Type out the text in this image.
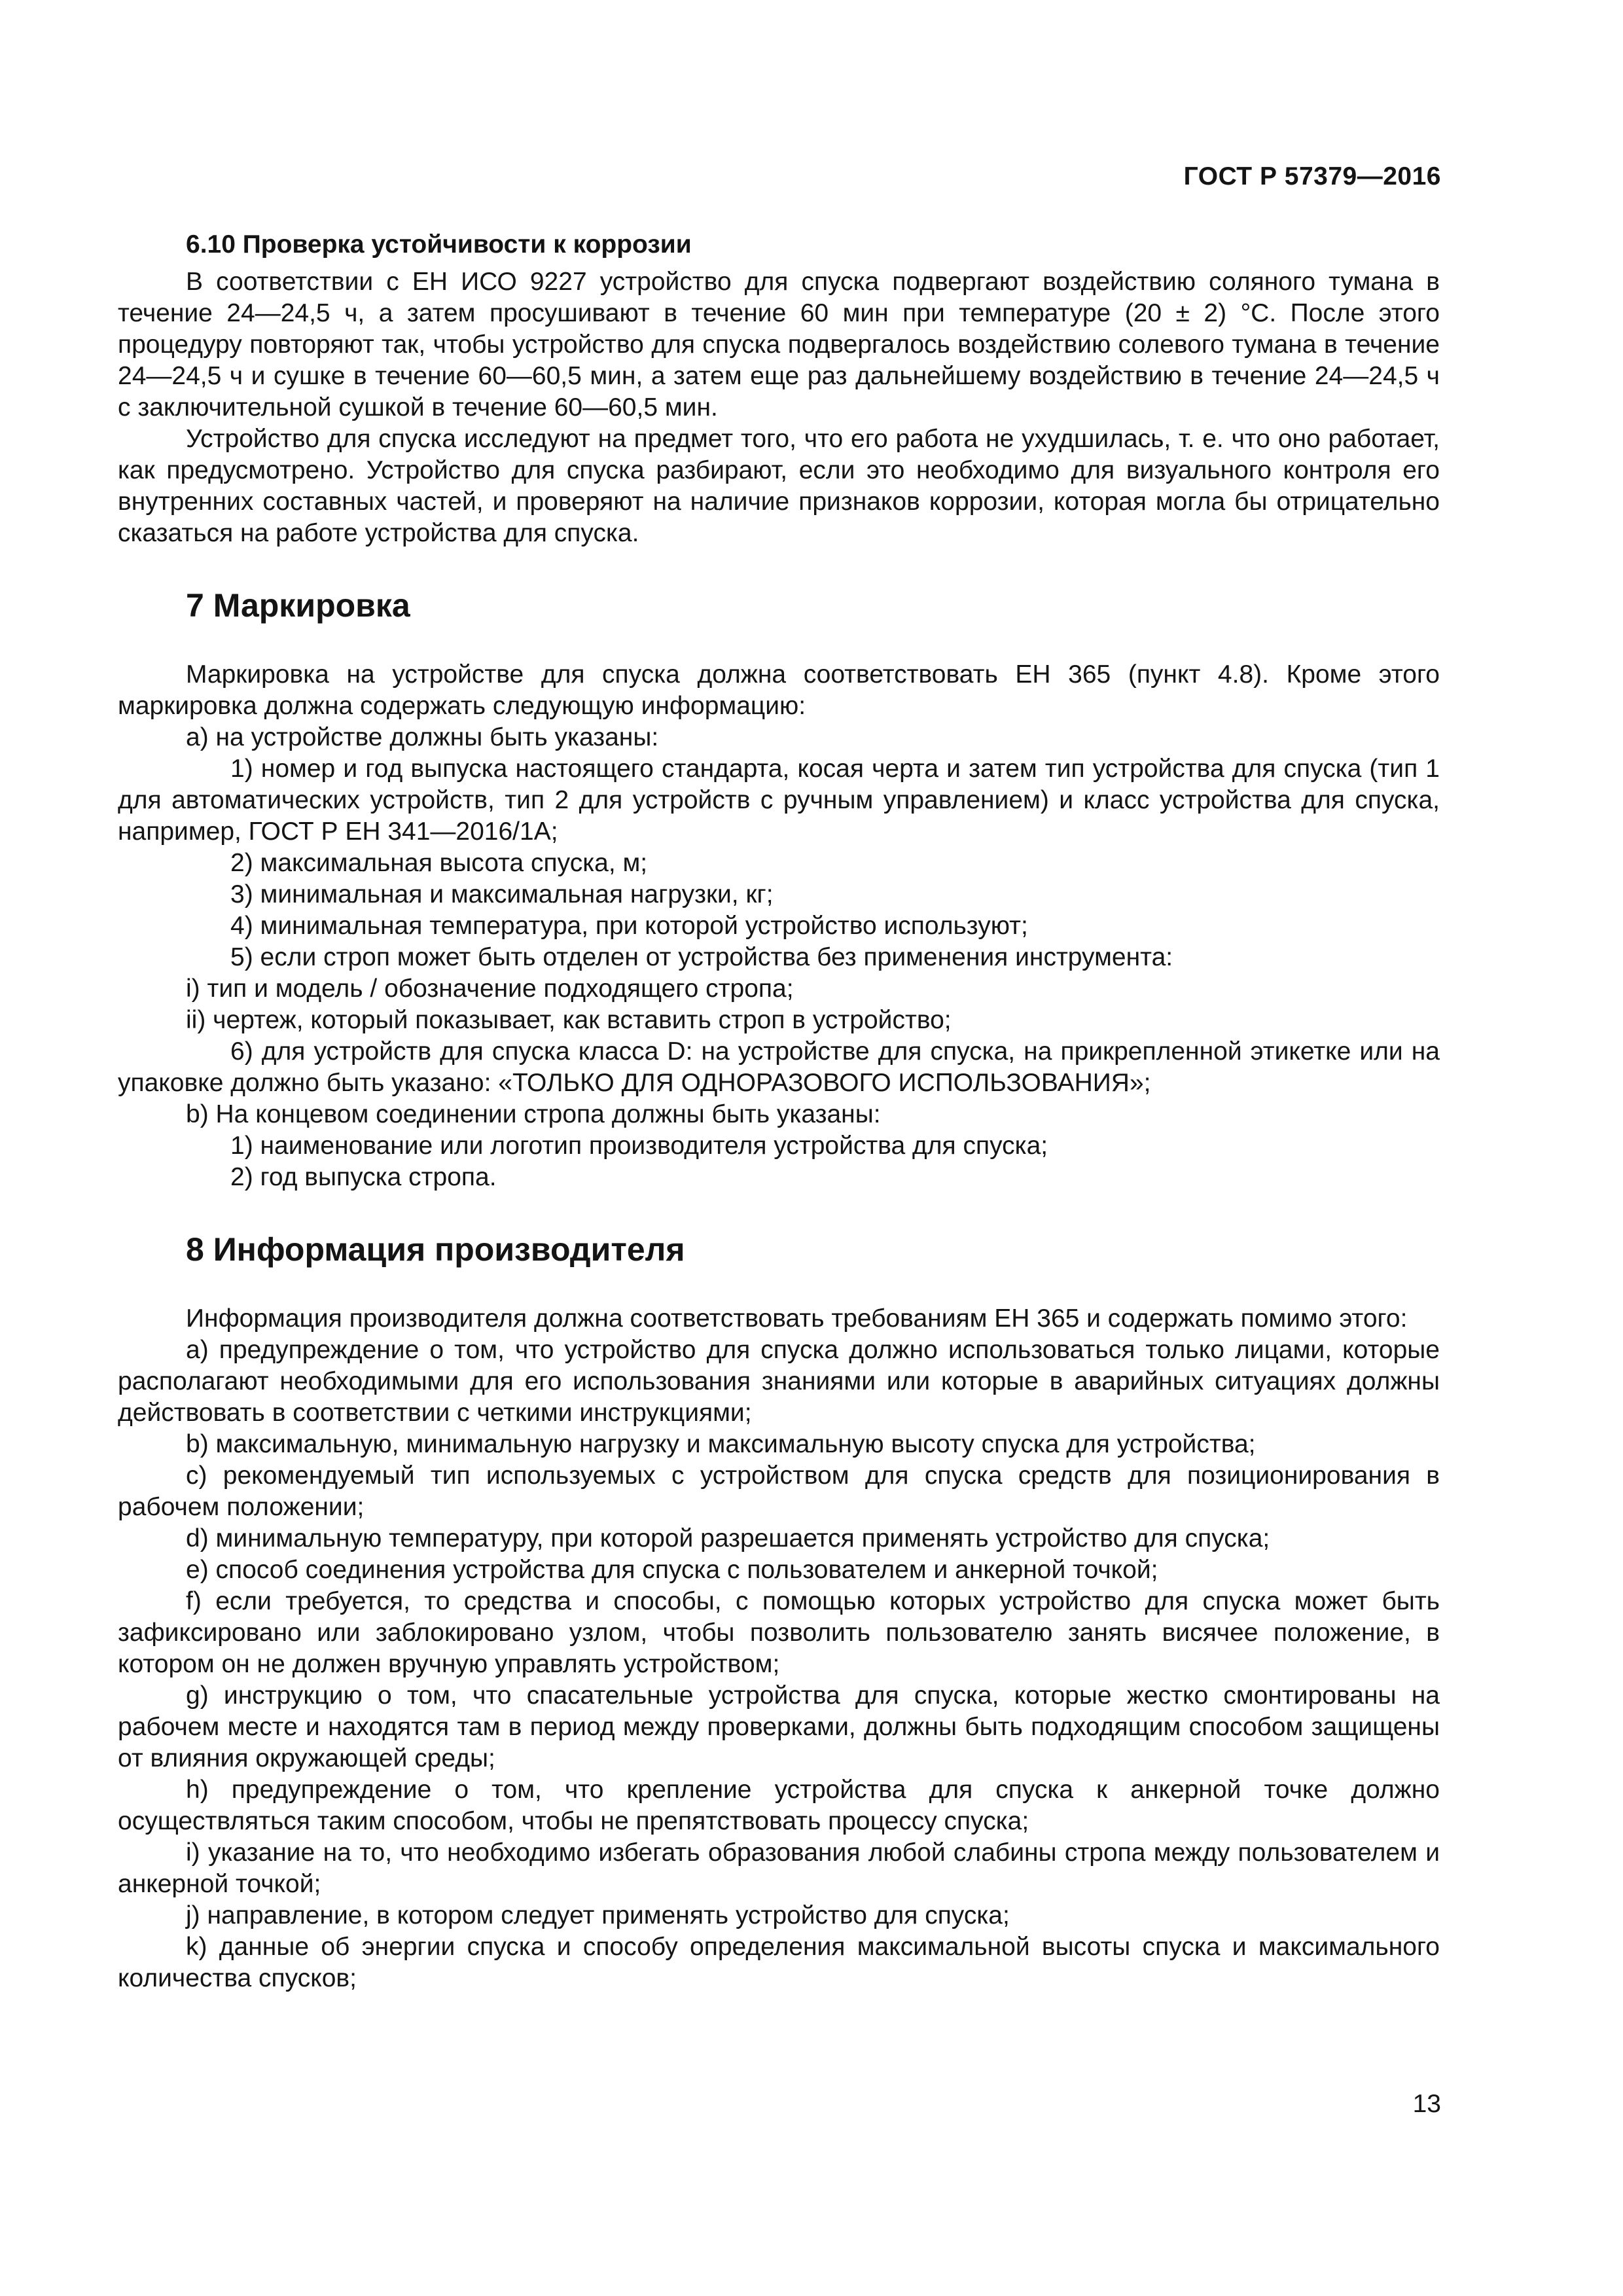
ГОСТ Р 57379—2016

6.10 Проверка устойчивости к коррозии

В соответствии с ЕН ИСО 9227 устройство для спуска подвергают воздействию соляного тумана в течение 24—24,5 ч, а затем просушивают в течение 60 мин при температуре (20 ± 2) °С. После этого процедуру повторяют так, чтобы устройство для спуска подвергалось воздействию солевого тумана в течение 24—24,5 ч и сушке в течение 60—60,5 мин, а затем еще раз дальнейшему воздействию в течение 24—24,5 ч с заключительной сушкой в течение 60—60,5 мин.

Устройство для спуска исследуют на предмет того, что его работа не ухудшилась, т. е. что оно работает, как предусмотрено. Устройство для спуска разбирают, если это необходимо для визуального контроля его внутренних составных частей, и проверяют на наличие признаков коррозии, которая могла бы отрицательно сказаться на работе устройства для спуска.

7 Маркировка

Маркировка на устройстве для спуска должна соответствовать ЕН 365 (пункт 4.8). Кроме этого маркировка должна содержать следующую информацию:

a) на устройстве должны быть указаны:

1) номер и год выпуска настоящего стандарта, косая черта и затем тип устройства для спуска (тип 1 для автоматических устройств, тип 2 для устройств с ручным управлением) и класс устройства для спуска, например, ГОСТ Р ЕН 341—2016/1А;

2) максимальная высота спуска, м;

3) минимальная и максимальная нагрузки, кг;

4) минимальная температура, при которой устройство используют;

5) если строп может быть отделен от устройства без применения инструмента:

i) тип и модель / обозначение подходящего стропа;

ii) чертеж, который показывает, как вставить строп в устройство;

6) для устройств для спуска класса D: на устройстве для спуска, на прикрепленной этикетке или на упаковке должно быть указано: «ТОЛЬКО ДЛЯ ОДНОРАЗОВОГО ИСПОЛЬЗОВАНИЯ»;

b) На концевом соединении стропа должны быть указаны:

1) наименование или логотип производителя устройства для спуска;

2) год выпуска стропа.

8 Информация производителя

Информация производителя должна соответствовать требованиям ЕН 365 и содержать помимо этого:

a) предупреждение о том, что устройство для спуска должно использоваться только лицами, которые располагают необходимыми для его использования знаниями или которые в аварийных ситуациях должны действовать в соответствии с четкими инструкциями;

b) максимальную, минимальную нагрузку и максимальную высоту спуска для устройства;

c) рекомендуемый тип используемых с устройством для спуска средств для позиционирования в рабочем положении;

d) минимальную температуру, при которой разрешается применять устройство для спуска;

e) способ соединения устройства для спуска с пользователем и анкерной точкой;

f) если требуется, то средства и способы, с помощью которых устройство для спуска может быть зафиксировано или заблокировано узлом, чтобы позволить пользователю занять висячее положение, в котором он не должен вручную управлять устройством;

g) инструкцию о том, что спасательные устройства для спуска, которые жестко смонтированы на рабочем месте и находятся там в период между проверками, должны быть подходящим способом защищены от влияния окружающей среды;

h) предупреждение о том, что крепление устройства для спуска к анкерной точке должно осуществляться таким способом, чтобы не препятствовать процессу спуска;

i) указание на то, что необходимо избегать образования любой слабины стропа между пользователем и анкерной точкой;

j) направление, в котором следует применять устройство для спуска;

k) данные об энергии спуска и способу определения максимальной высоты спуска и максимального количества спусков;

13
